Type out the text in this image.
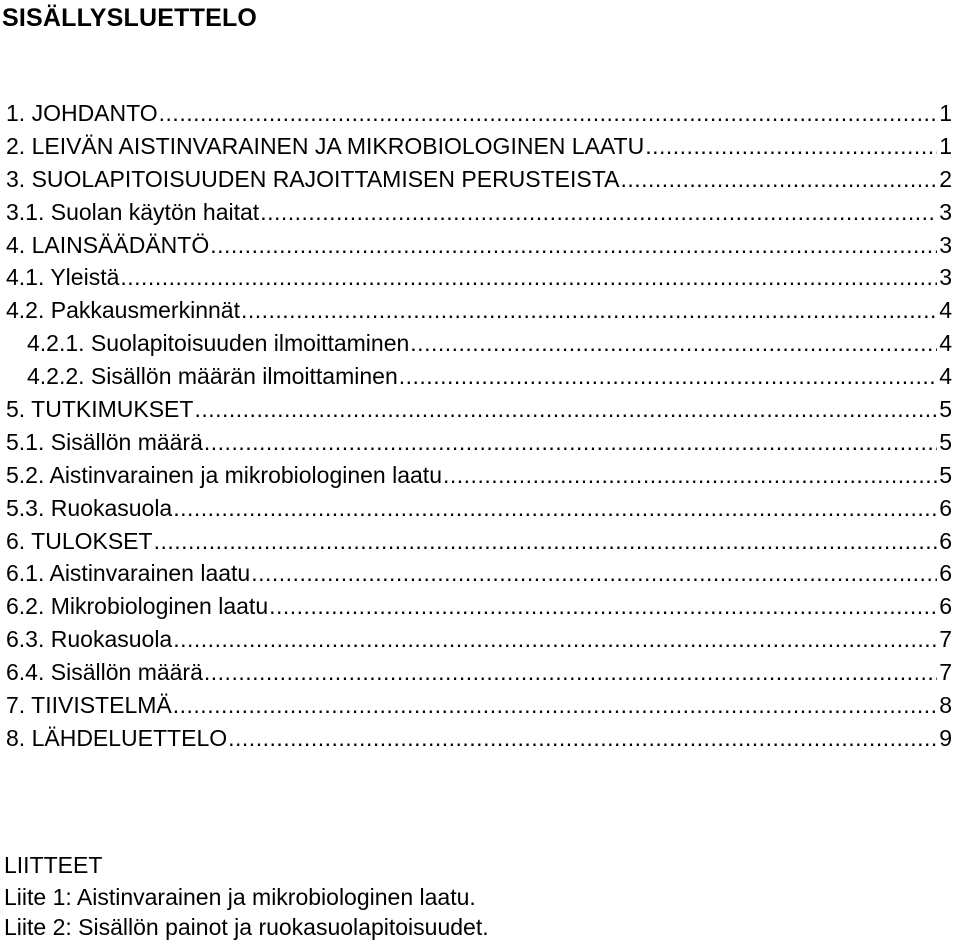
SISÄLLYSLUETTELO
1. JOHDANTO .....	1
2. LEIVÄN AISTINVARAINEN JA MIKROBIOLOGINEN LAATU .....	1
3. SUOLAPITOISUUDEN RAJOITTAMISEN PERUSTEISTA .....	2
3.1. Suolan käytön haitat .....	3
4. LAINSÄÄDÄNTÖ .....	3
4.1. Yleistä .....	3
4.2. Pakkausmerkinnät .....	4
4.2.1. Suolapitoisuuden ilmoittaminen .....	4
4.2.2. Sisällön määrän ilmoittaminen .....	4
5. TUTKIMUKSET .....	5
5.1. Sisällön määrä .....	5
5.2. Aistinvarainen ja mikrobiologinen laatu .....	5
5.3. Ruokasuola .....	6
6. TULOKSET .....	6
6.1. Aistinvarainen laatu .....	6
6.2. Mikrobiologinen laatu .....	6
6.3. Ruokasuola .....	7
6.4. Sisällön määrä .....	7
7. TIIVISTELMÄ .....	8
8. LÄHDELUETTELO .....	9
LIITTEET
Liite 1: Aistinvarainen ja mikrobiologinen laatu.
Liite 2: Sisällön painot ja ruokasuolapitoisuudet.
